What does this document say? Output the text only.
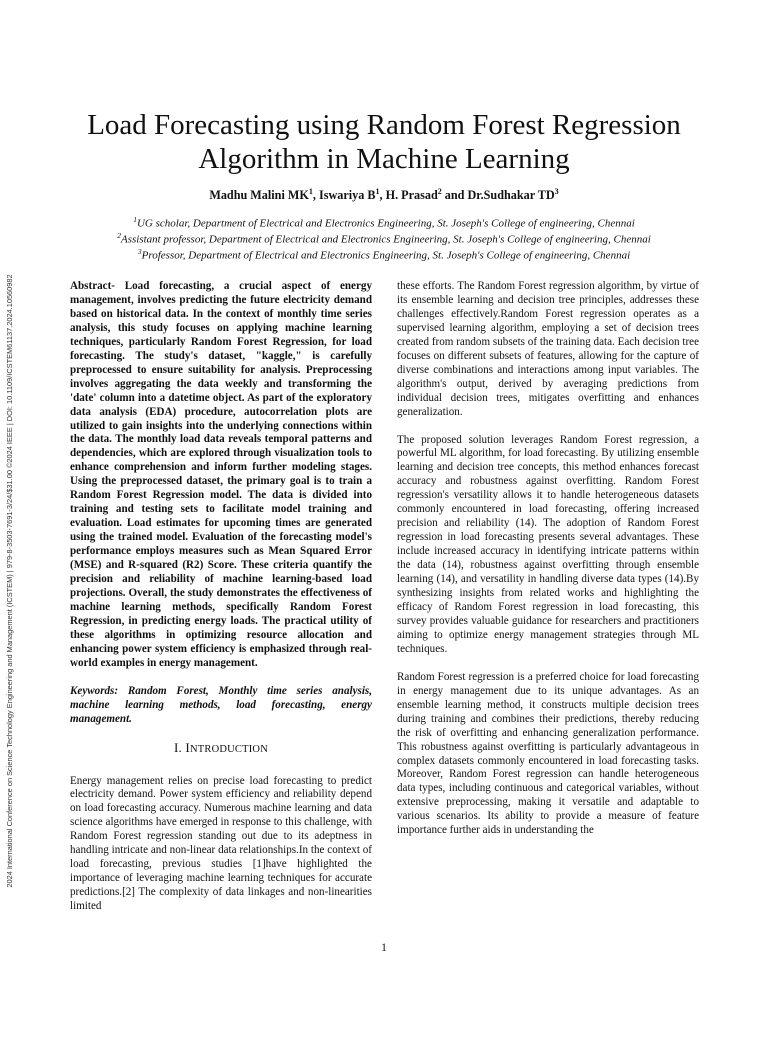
2024 International Conference on Science Technology Engineering and Management (ICSTEM) | 979-8-3503-7691-3/24/$31.00 ©2024 IEEE | DOI: 10.1109/ICSTEM61137.2024.10560982
Load Forecasting using Random Forest Regression Algorithm in Machine Learning
Madhu Malini $MK^1$, Iswariya $B^1$, H. Prasad$^2$ and Dr.Sudhakar $TD^3$
$^1$UG scholar, Department of Electrical and Electronics Engineering, St. Joseph's College of engineering, Chennai
$^2$Assistant professor, Department of Electrical and Electronics Engineering, St. Joseph's College of engineering, Chennai
$^3$Professor, Department of Electrical and Electronics Engineering, St. Joseph's College of engineering, Chennai

Abstract- Load forecasting, a crucial aspect of energy management, involves predicting the future electricity demand based on historical data. In the context of monthly time series analysis, this study focuses on applying machine learning techniques, particularly Random Forest Regression, for load forecasting. The study's dataset, "kaggle," is carefully preprocessed to ensure suitability for analysis. Preprocessing involves aggregating the data weekly and transforming the 'date' column into a datetime object. As part of the exploratory data analysis (EDA) procedure, autocorrelation plots are utilized to gain insights into the underlying connections within the data. The monthly load data reveals temporal patterns and dependencies, which are explored through visualization tools to enhance comprehension and inform further modeling stages. Using the preprocessed dataset, the primary goal is to train a Random Forest Regression model. The data is divided into training and testing sets to facilitate model training and evaluation. Load estimates for upcoming times are generated using the trained model. Evaluation of the forecasting model's performance employs measures such as Mean Squared Error (MSE) and R-squared (R2) Score. These criteria quantify the precision and reliability of machine learning-based load projections. Overall, the study demonstrates the effectiveness of machine learning methods, specifically Random Forest Regression, in predicting energy loads. The practical utility of these algorithms in optimizing resource allocation and enhancing power system efficiency is emphasized through real-world examples in energy management.

Keywords: Random Forest, Monthly time series analysis, machine learning methods, load forecasting, energy management.

I. INTRODUCTION

Energy management relies on precise load forecasting to predict electricity demand. Power system efficiency and reliability depend on load forecasting accuracy. Numerous machine learning and data science algorithms have emerged in response to this challenge, with Random Forest regression standing out due to its adeptness in handling intricate and non-linear data relationships.In the context of load forecasting, previous studies [1]have highlighted the importance of leveraging machine learning techniques for accurate predictions.[2] The complexity of data linkages and non-linearities limited

these efforts. The Random Forest regression algorithm, by virtue of its ensemble learning and decision tree principles, addresses these challenges effectively.Random Forest regression operates as a supervised learning algorithm, employing a set of decision trees created from random subsets of the training data. Each decision tree focuses on different subsets of features, allowing for the capture of diverse combinations and interactions among input variables. The algorithm's output, derived by averaging predictions from individual decision trees, mitigates overfitting and enhances generalization.

The proposed solution leverages Random Forest regression, a powerful ML algorithm, for load forecasting. By utilizing ensemble learning and decision tree concepts, this method enhances forecast accuracy and robustness against overfitting. Random Forest regression's versatility allows it to handle heterogeneous datasets commonly encountered in load forecasting, offering increased precision and reliability (14). The adoption of Random Forest regression in load forecasting presents several advantages. These include increased accuracy in identifying intricate patterns within the data (14), robustness against overfitting through ensemble learning (14), and versatility in handling diverse data types (14).By synthesizing insights from related works and highlighting the efficacy of Random Forest regression in load forecasting, this survey provides valuable guidance for researchers and practitioners aiming to optimize energy management strategies through ML techniques.

Random Forest regression is a preferred choice for load forecasting in energy management due to its unique advantages. As an ensemble learning method, it constructs multiple decision trees during training and combines their predictions, thereby reducing the risk of overfitting and enhancing generalization performance. This robustness against overfitting is particularly advantageous in complex datasets commonly encountered in load forecasting tasks. Moreover, Random Forest regression can handle heterogeneous data types, including continuous and categorical variables, without extensive preprocessing, making it versatile and adaptable to various scenarios. Its ability to provide a measure of feature importance further aids in understanding the

1
